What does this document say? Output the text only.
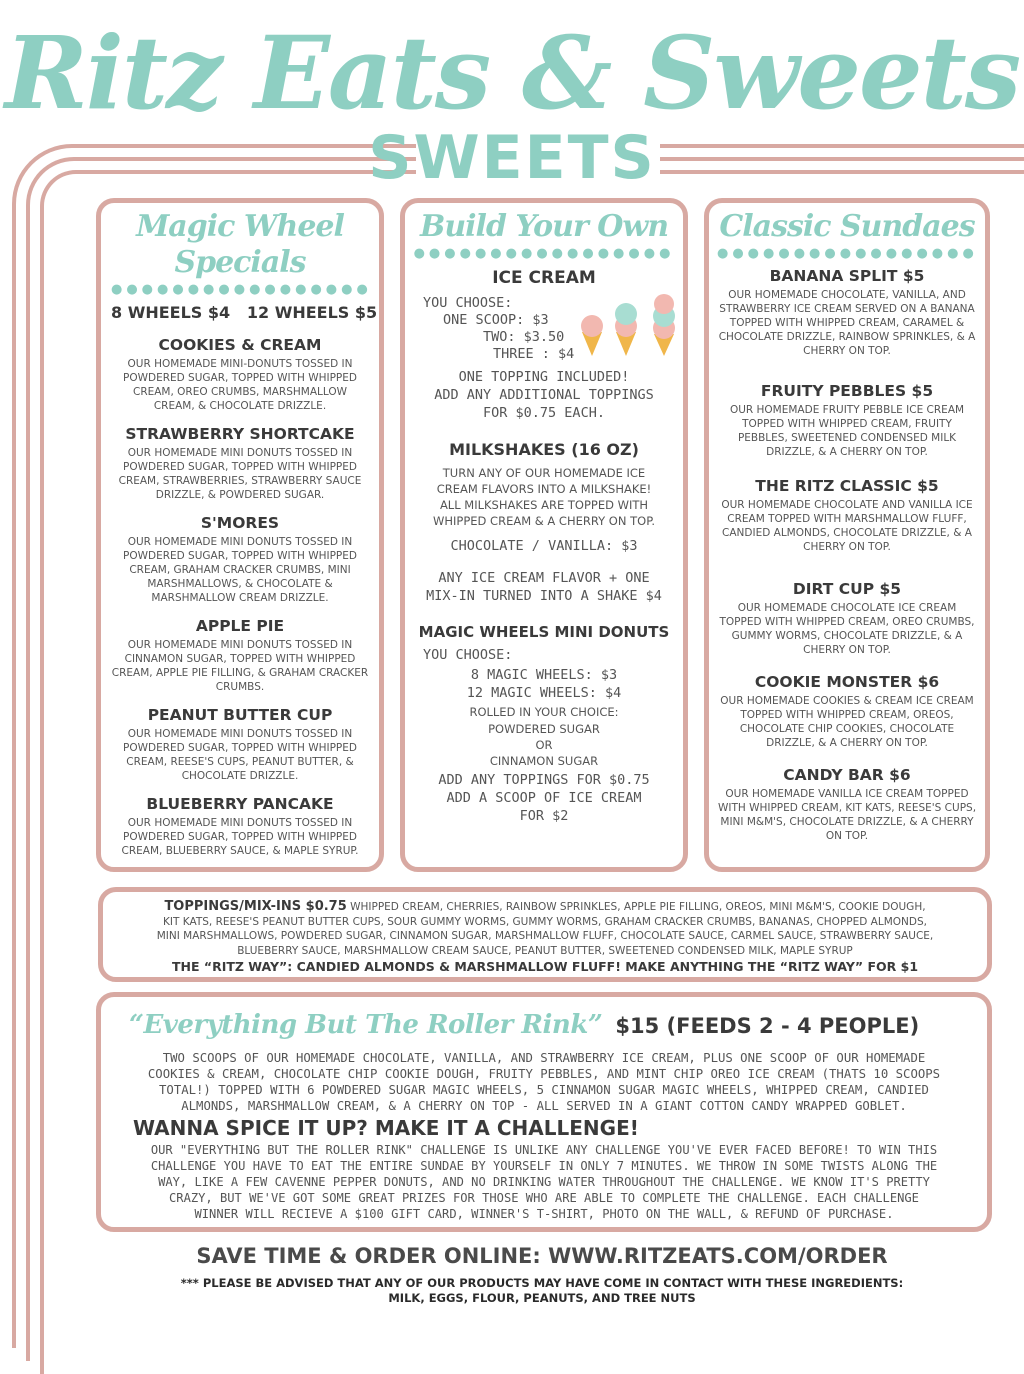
Ritz Eats & Sweets
SWEETS
Magic Wheel Specials
●●●●●●●●●●●●●●●●●
8 WHEELS $4   12 WHEELS $5
COOKIES & CREAM
OUR HOMEMADE MINI-DONUTS TOSSED IN POWDERED SUGAR, TOPPED WITH WHIPPED CREAM, OREO CRUMBS, MARSHMALLOW CREAM, & CHOCOLATE DRIZZLE.
STRAWBERRY SHORTCAKE
OUR HOMEMADE MINI DONUTS TOSSED IN POWDERED SUGAR, TOPPED WITH WHIPPED CREAM, STRAWBERRIES, STRAWBERRY SAUCE DRIZZLE, & POWDERED SUGAR.
S'MORES
OUR HOMEMADE MINI DONUTS TOSSED IN POWDERED SUGAR, TOPPED WITH WHIPPED CREAM, GRAHAM CRACKER CRUMBS, MINI MARSHMALLOWS, & CHOCOLATE & MARSHMALLOW CREAM DRIZZLE.
APPLE PIE
OUR HOMEMADE MINI DONUTS TOSSED IN CINNAMON SUGAR, TOPPED WITH WHIPPED CREAM, APPLE PIE FILLING, & GRAHAM CRACKER CRUMBS.
PEANUT BUTTER CUP
OUR HOMEMADE MINI DONUTS TOSSED IN POWDERED SUGAR, TOPPED WITH WHIPPED CREAM, REESE'S CUPS, PEANUT BUTTER, & CHOCOLATE DRIZZLE.
BLUEBERRY PANCAKE
OUR HOMEMADE MINI DONUTS TOSSED IN POWDERED SUGAR, TOPPED WITH WHIPPED CREAM, BLUEBERRY SAUCE, & MAPLE SYRUP.
Build Your Own
●●●●●●●●●●●●●●●●●
ICE CREAM
YOU CHOOSE:
ONE SCOOP: $3
TWO: $3.50
THREE : $4
ONE TOPPING INCLUDED!
ADD ANY ADDITIONAL TOPPINGS
FOR $0.75 EACH.
MILKSHAKES (16 OZ)
TURN ANY OF OUR HOMEMADE ICE
CREAM FLAVORS INTO A MILKSHAKE!
ALL MILKSHAKES ARE TOPPED WITH
WHIPPED CREAM & A CHERRY ON TOP.
CHOCOLATE / VANILLA: $3
ANY ICE CREAM FLAVOR + ONE
MIX-IN TURNED INTO A SHAKE $4
MAGIC WHEELS MINI DONUTS
YOU CHOOSE:
8 MAGIC WHEELS: $3
12 MAGIC WHEELS: $4
ROLLED IN YOUR CHOICE:
POWDERED SUGAR
OR
CINNAMON SUGAR
ADD ANY TOPPINGS FOR $0.75
ADD A SCOOP OF ICE CREAM
FOR $2
Classic Sundaes
●●●●●●●●●●●●●●●●●
BANANA SPLIT $5
OUR HOMEMADE CHOCOLATE, VANILLA, AND STRAWBERRY ICE CREAM SERVED ON A BANANA TOPPED WITH WHIPPED CREAM, CARAMEL & CHOCOLATE DRIZZLE, RAINBOW SPRINKLES, & A CHERRY ON TOP.
FRUITY PEBBLES $5
OUR HOMEMADE FRUITY PEBBLE ICE CREAM TOPPED WITH WHIPPED CREAM, FRUITY PEBBLES, SWEETENED CONDENSED MILK DRIZZLE, & A CHERRY ON TOP.
THE RITZ CLASSIC $5
OUR HOMEMADE CHOCOLATE AND VANILLA ICE CREAM TOPPED WITH MARSHMALLOW FLUFF, CANDIED ALMONDS, CHOCOLATE DRIZZLE, & A CHERRY ON TOP.
DIRT CUP $5
OUR HOMEMADE CHOCOLATE ICE CREAM TOPPED WITH WHIPPED CREAM, OREO CRUMBS, GUMMY WORMS, CHOCOLATE DRIZZLE, & A CHERRY ON TOP.
COOKIE MONSTER $6
OUR HOMEMADE COOKIES & CREAM ICE CREAM TOPPED WITH WHIPPED CREAM, OREOS, CHOCOLATE CHIP COOKIES, CHOCOLATE DRIZZLE, & A CHERRY ON TOP.
CANDY BAR $6
OUR HOMEMADE VANILLA ICE CREAM TOPPED WITH WHIPPED CREAM, KIT KATS, REESE'S CUPS, MINI M&M'S, CHOCOLATE DRIZZLE, & A CHERRY ON TOP.
TOPPINGS/MIX-INS $0.75 WHIPPED CREAM, CHERRIES, RAINBOW SPRINKLES, APPLE PIE FILLING, OREOS, MINI M&M'S, COOKIE DOUGH,
KIT KATS, REESE'S PEANUT BUTTER CUPS, SOUR GUMMY WORMS, GUMMY WORMS, GRAHAM CRACKER CRUMBS, BANANAS, CHOPPED ALMONDS,
MINI MARSHMALLOWS, POWDERED SUGAR, CINNAMON SUGAR, MARSHMALLOW FLUFF, CHOCOLATE SAUCE, CARMEL SAUCE, STRAWBERRY SAUCE,
BLUEBERRY SAUCE, MARSHMALLOW CREAM SAUCE, PEANUT BUTTER, SWEETENED CONDENSED MILK, MAPLE SYRUP
THE “RITZ WAY”: CANDIED ALMONDS & MARSHMALLOW FLUFF! MAKE ANYTHING THE “RITZ WAY” FOR $1
“Everything But The Roller Rink” $15 (FEEDS 2 - 4 PEOPLE)
TWO SCOOPS OF OUR HOMEMADE CHOCOLATE, VANILLA, AND STRAWBERRY ICE CREAM, PLUS ONE SCOOP OF OUR HOMEMADE
COOKIES & CREAM, CHOCOLATE CHIP COOKIE DOUGH, FRUITY PEBBLES, AND MINT CHIP OREO ICE CREAM (THATS 10 SCOOPS
TOTAL!) TOPPED WITH 6 POWDERED SUGAR MAGIC WHEELS, 5 CINNAMON SUGAR MAGIC WHEELS, WHIPPED CREAM, CANDIED
ALMONDS, MARSHMALLOW CREAM, & A CHERRY ON TOP - ALL SERVED IN A GIANT COTTON CANDY WRAPPED GOBLET.
WANNA SPICE IT UP? MAKE IT A CHALLENGE!
OUR "EVERYTHING BUT THE ROLLER RINK" CHALLENGE IS UNLIKE ANY CHALLENGE YOU'VE EVER FACED BEFORE! TO WIN THIS
CHALLENGE YOU HAVE TO EAT THE ENTIRE SUNDAE BY YOURSELF IN ONLY 7 MINUTES. WE THROW IN SOME TWISTS ALONG THE
WAY, LIKE A FEW CAVENNE PEPPER DONUTS, AND NO DRINKING WATER THROUGHOUT THE CHALLENGE. WE KNOW IT'S PRETTY
CRAZY, BUT WE'VE GOT SOME GREAT PRIZES FOR THOSE WHO ARE ABLE TO COMPLETE THE CHALLENGE. EACH CHALLENGE
WINNER WILL RECIEVE A $100 GIFT CARD, WINNER'S T-SHIRT, PHOTO ON THE WALL, & REFUND OF PURCHASE.
SAVE TIME & ORDER ONLINE: WWW.RITZEATS.COM/ORDER
*** PLEASE BE ADVISED THAT ANY OF OUR PRODUCTS MAY HAVE COME IN CONTACT WITH THESE INGREDIENTS:
MILK, EGGS, FLOUR, PEANUTS, AND TREE NUTS
